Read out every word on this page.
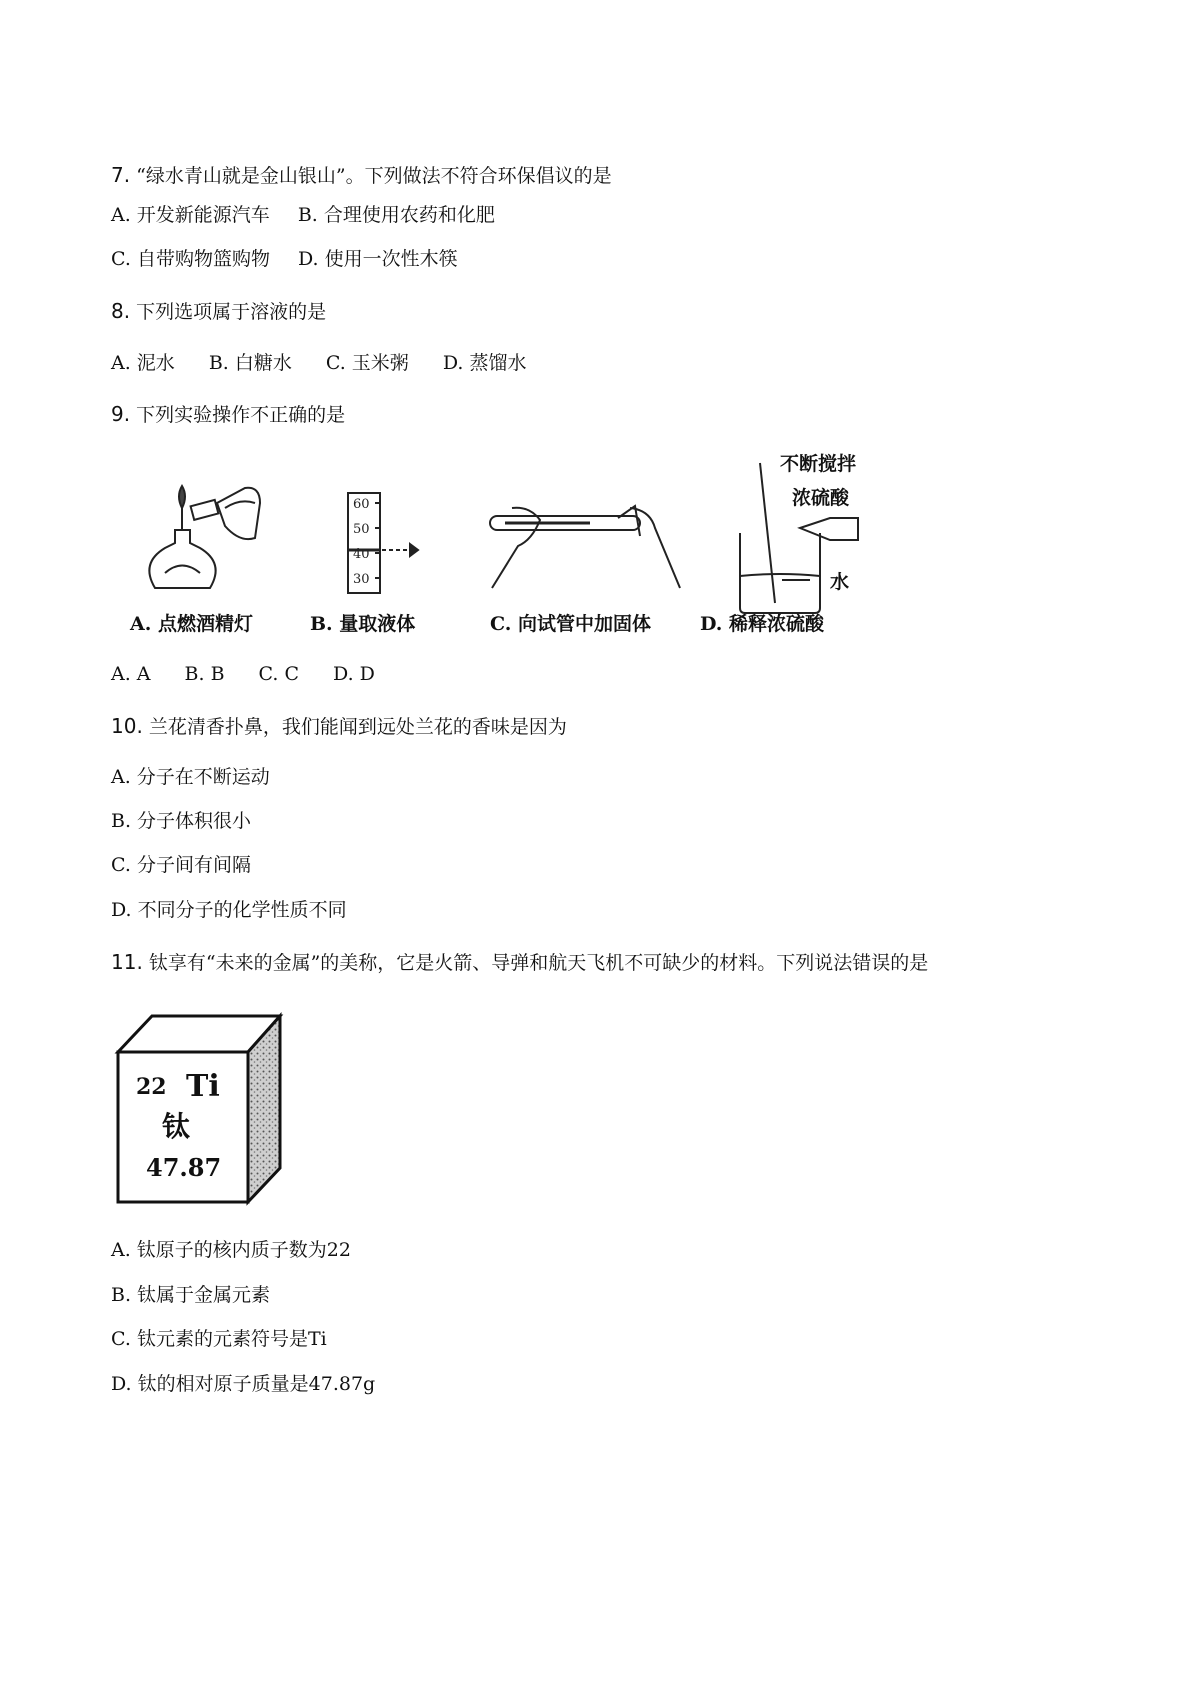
7. “绿水青山就是金山银山”。下列做法不符合环保倡议的是
A. 开发新能源汽车 B. 合理使用农药和化肥
C. 自带购物篮购物 D. 使用一次性木筷
8. 下列选项属于溶液的是
A. 泥水 B. 白糖水 C. 玉米粥 D. 蒸馏水
9. 下列实验操作不正确的是
60
50
40
30
不断搅拌
浓硫酸
水
A. 点燃酒精灯	B. 量取液体	C. 向试管中加固体	D. 稀释浓硫酸
A. A B. B C. C D. D
10. 兰花清香扑鼻，我们能闻到远处兰花的香味是因为
A. 分子在不断运动
B. 分子体积很小
C. 分子间有间隔
D. 不同分子的化学性质不同
11. 钛享有“未来的金属”的美称，它是火箭、导弹和航天飞机不可缺少的材料。下列说法错误的是
22 Ti
钛
47.87
A. 钛原子的核内质子数为22
B. 钛属于金属元素
C. 钛元素的元素符号是Ti
D. 钛的相对原子质量是47.87g
